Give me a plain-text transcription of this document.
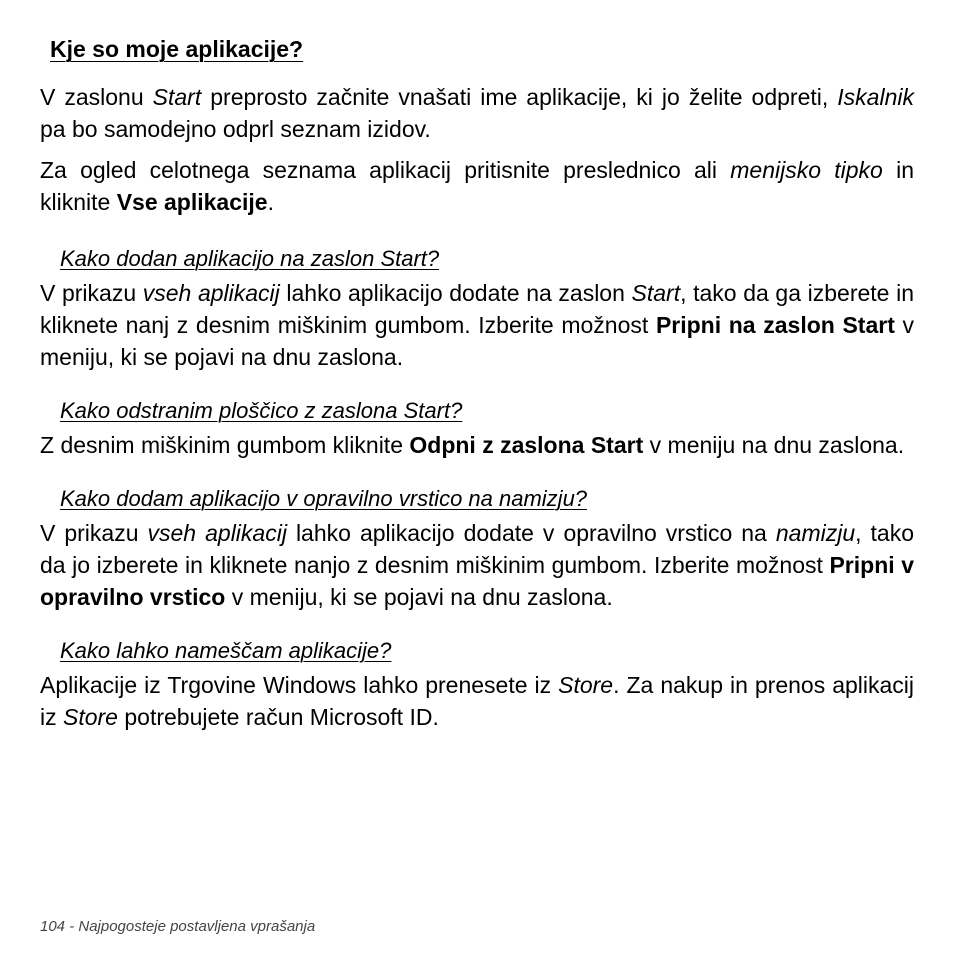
Kje so moje aplikacije?

V zaslonu Start preprosto začnite vnašati ime aplikacije, ki jo želite odpreti, Iskalnik pa bo samodejno odprl seznam izidov.

Za ogled celotnega seznama aplikacij pritisnite preslednico ali menijsko tipko in kliknite Vse aplikacije.

Kako dodan aplikacijo na zaslon Start?

V prikazu vseh aplikacij lahko aplikacijo dodate na zaslon Start, tako da ga izberete in kliknete nanj z desnim miškinim gumbom. Izberite možnost Pripni na zaslon Start v meniju, ki se pojavi na dnu zaslona.

Kako odstranim ploščico z zaslona Start?

Z desnim miškinim gumbom kliknite Odpni z zaslona Start v meniju na dnu zaslona.

Kako dodam aplikacijo v opravilno vrstico na namizju?

V prikazu vseh aplikacij lahko aplikacijo dodate v opravilno vrstico na namizju, tako da jo izberete in kliknete nanjo z desnim miškinim gumbom. Izberite možnost Pripni v opravilno vrstico v meniju, ki se pojavi na dnu zaslona.

Kako lahko nameščam aplikacije?

Aplikacije iz Trgovine Windows lahko prenesete iz Store. Za nakup in prenos aplikacij iz Store potrebujete račun Microsoft ID.

104 - Najpogosteje postavljena vprašanja
